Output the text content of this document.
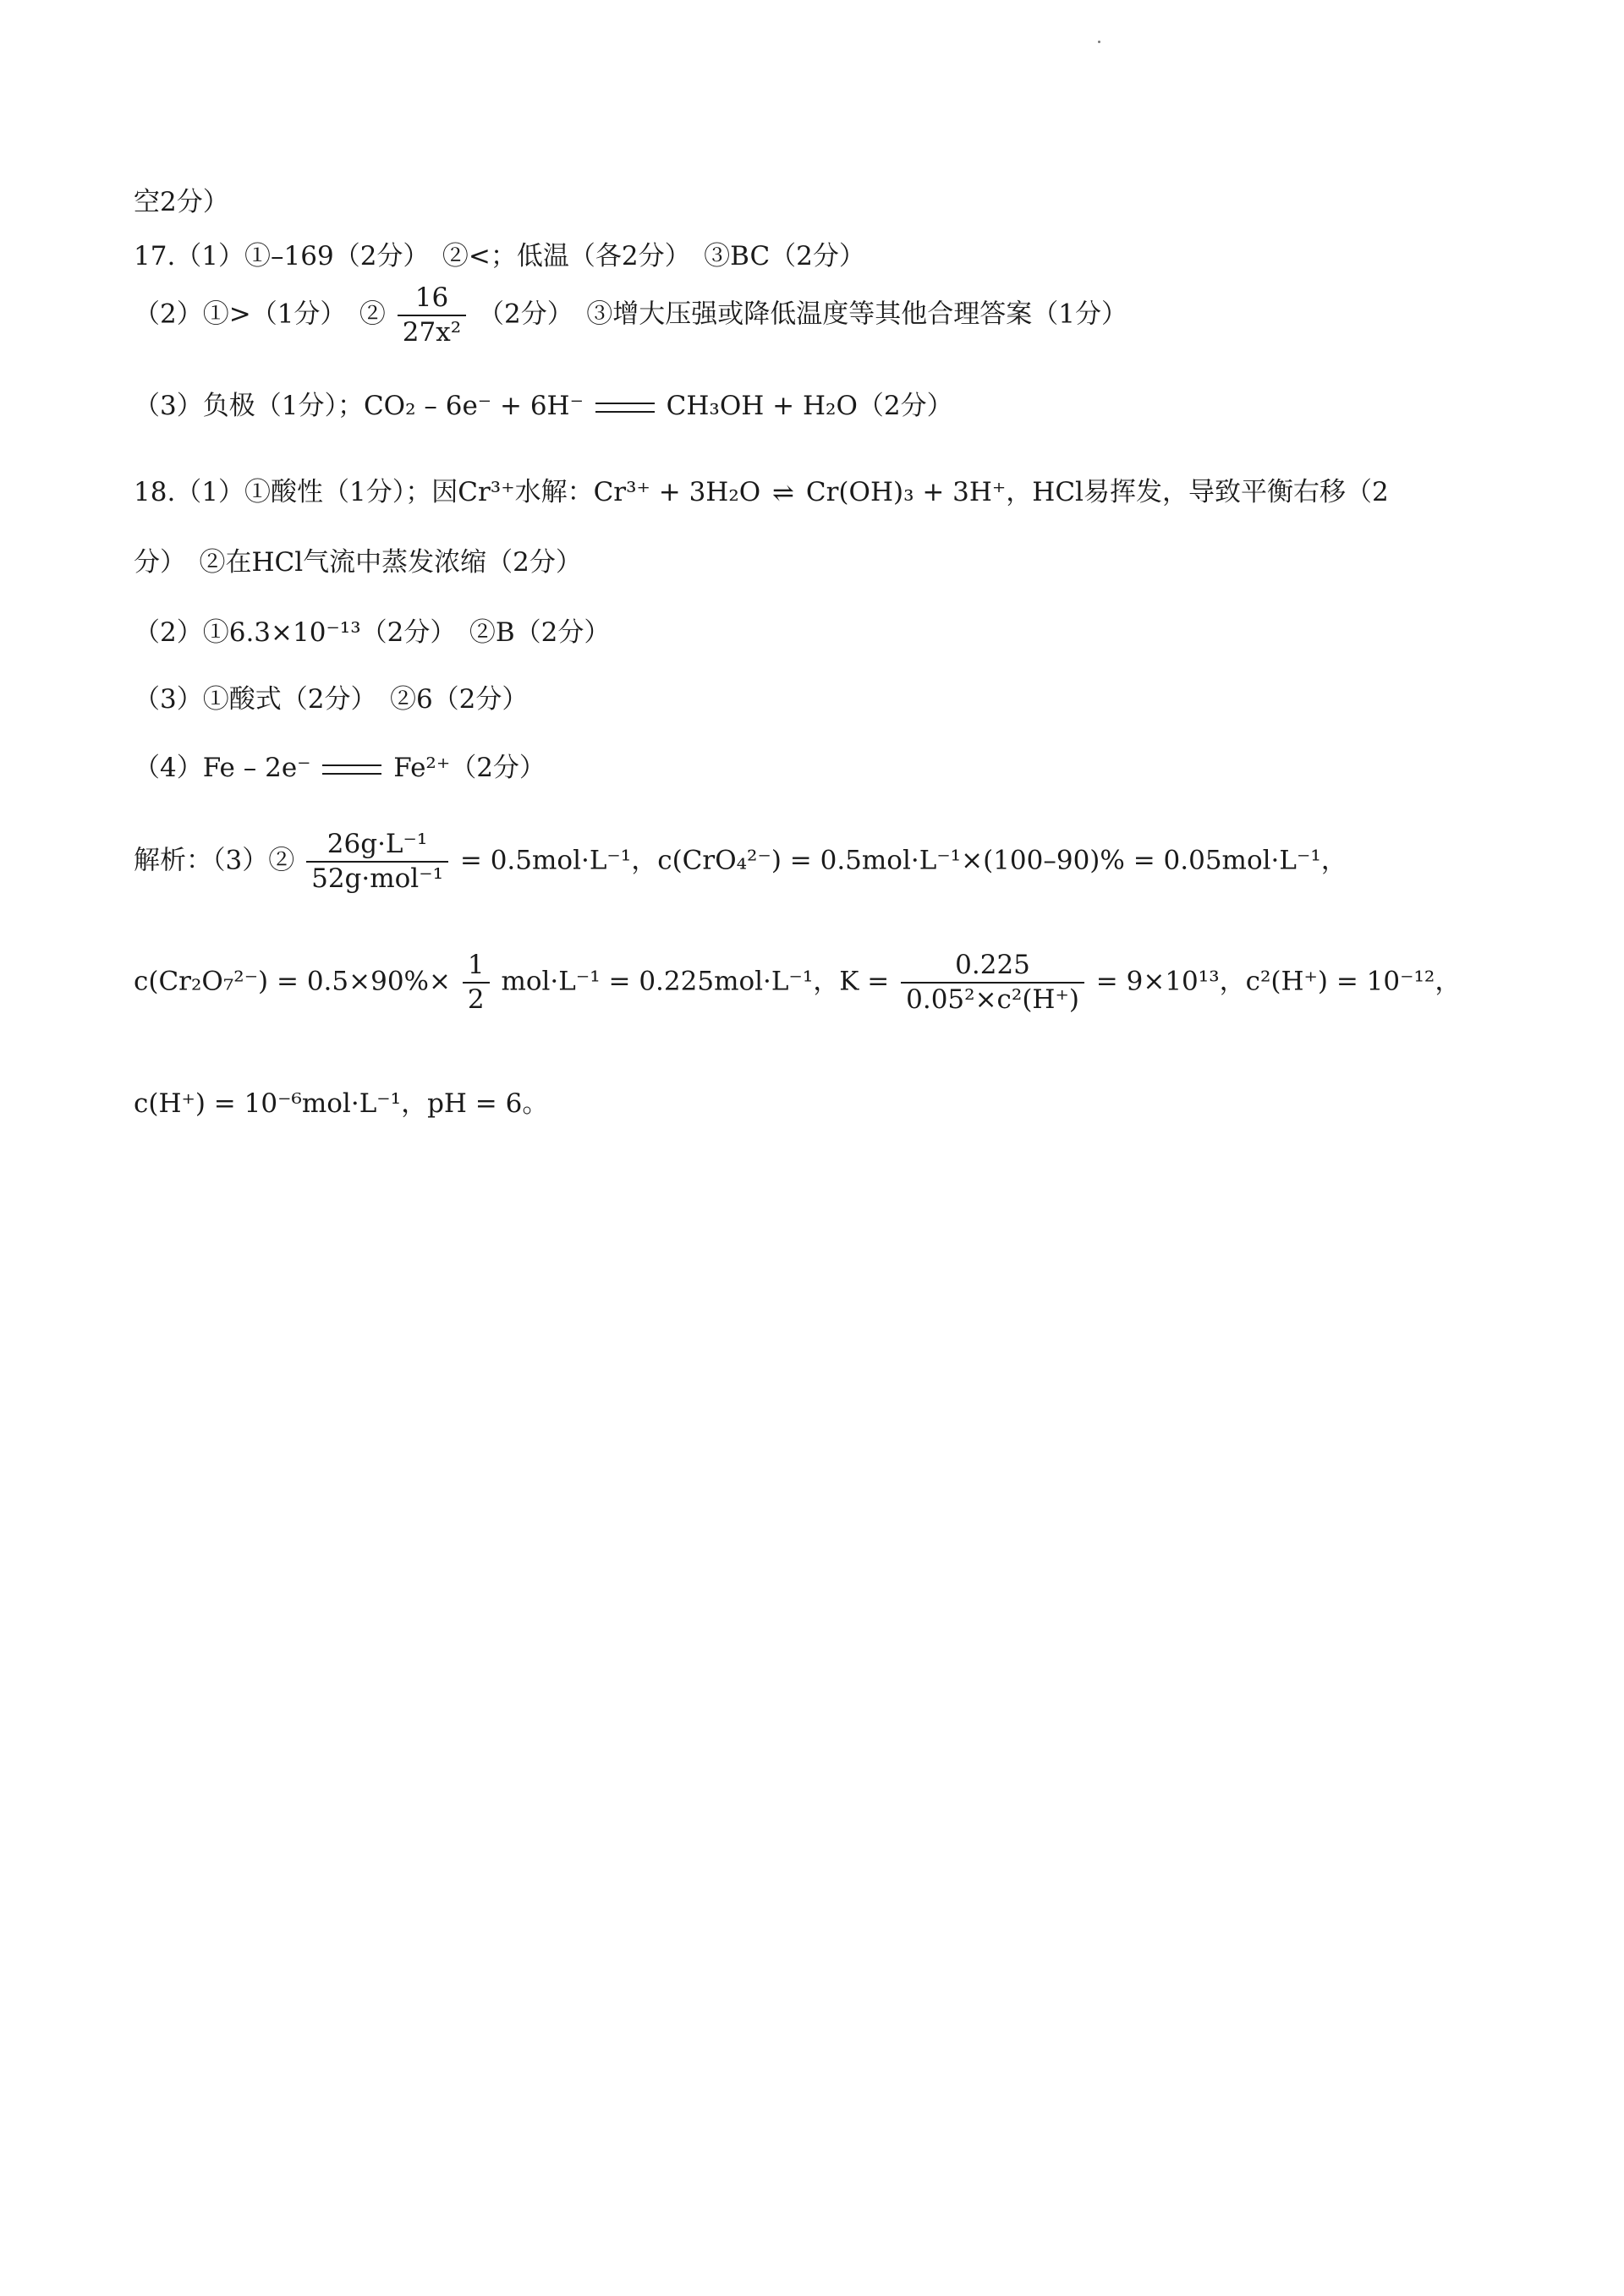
空2分）
17.（1）①–169（2分）　②<；低温（各2分）　③BC（2分）
（2）①>（1分）　② $\frac{16}{\text{27x²}} (2$分）　③增大压强或降低温度等其他合理答案（1分）
（3）负极（1分）；CO₂ – 6e⁻ + 6H⁻	CH₃OH + H₂O（2分）
18.（1）①酸性（1分）；因Cr³⁺水解：Cr³⁺ + 3H₂O ⇌ Cr(OH)₃ + 3H⁺，HCl易挥发，导致平衡右移（2
分）　②在HCl气流中蒸发浓缩（2分）
（2）①6.3×10⁻¹³（2分）　②B（2分）
（3）①酸式（2分）　②6（2分）
（4）Fe – 2e⁻	Fe²⁺（2分）
解析：（3）② $\frac{\text{26g·L⁻¹}}{\text{52g·mol⁻¹}} = 0.5mol\cdot L^{-1}$，c(CrO₄²⁻) = 0.5mol·L⁻¹×(100–90)% = 0.05mol·L⁻¹，
$c(Cr_2O_7^{2-}) = 0.5\times 90\%\times \frac{1}{2} mol\cdot L^{-1} = 0.225mol\cdot L^{-1}$，$K = \frac{0.225}{\text{0.05²×c²(H⁺)}} = 9\times 10^{13}$，c²(H⁺) = 10⁻¹²，
c(H⁺) = 10⁻⁶mol·L⁻¹，pH = 6。
